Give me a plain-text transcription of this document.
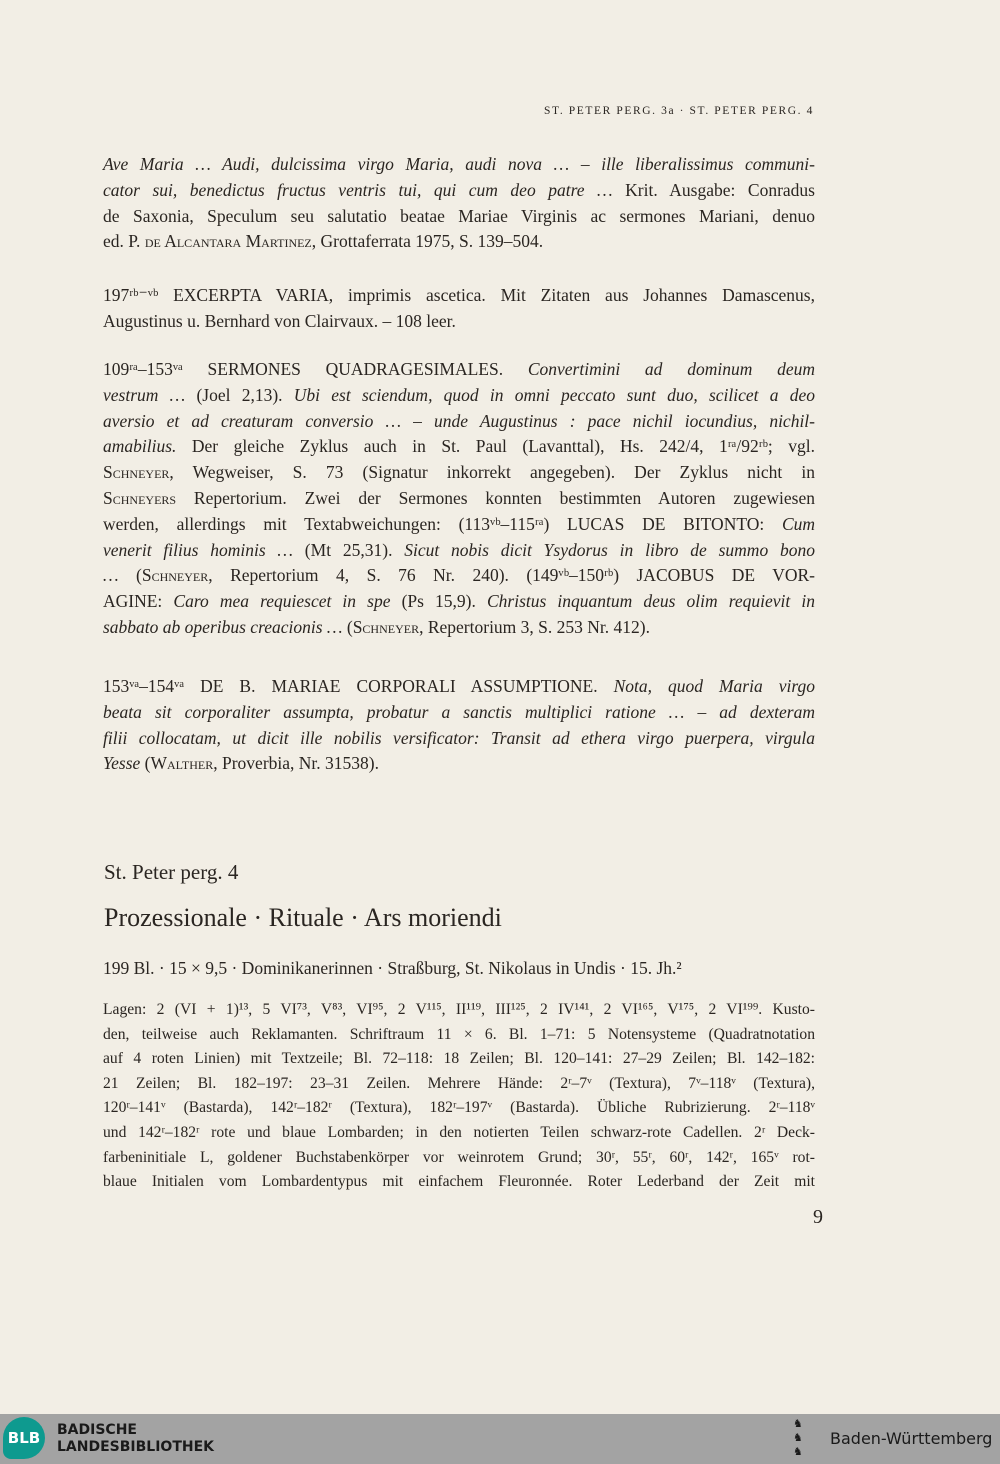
ST. PETER PERG. 3a · ST. PETER PERG. 4
Ave Maria … Audi, dulcissima virgo Maria, audi nova … – ille liberalissimus communi-
cator sui, benedictus fructus ventris tui, qui cum deo patre … Krit. Ausgabe: Conradus
de Saxonia, Speculum seu salutatio beatae Mariae Virginis ac sermones Mariani, denuo
ed. P. de Alcantara Martinez, Grottaferrata 1975, S. 139–504.
197ʳᵇ⁻ᵛᵇ EXCERPTA VARIA, imprimis ascetica. Mit Zitaten aus Johannes Damascenus,
Augustinus u. Bernhard von Clairvaux. – 108 leer.
109ʳᵃ–153ᵛᵃ SERMONES QUADRAGESIMALES. Convertimini ad dominum deum
vestrum … (Joel 2,13). Ubi est sciendum, quod in omni peccato sunt duo, scilicet a deo
aversio et ad creaturam conversio … – unde Augustinus : pace nichil iocundius, nichil-
amabilius. Der gleiche Zyklus auch in St. Paul (Lavanttal), Hs. 242/4, 1ʳᵃ/92ʳᵇ; vgl.
Schneyer, Wegweiser, S. 73 (Signatur inkorrekt angegeben). Der Zyklus nicht in
Schneyers Repertorium. Zwei der Sermones konnten bestimmten Autoren zugewiesen
werden, allerdings mit Textabweichungen: (113ᵛᵇ–115ʳᵃ) LUCAS DE BITONTO: Cum
venerit filius hominis … (Mt 25,31). Sicut nobis dicit Ysydorus in libro de summo bono
… (Schneyer, Repertorium 4, S. 76 Nr. 240). (149ᵛᵇ–150ʳᵇ) JACOBUS DE VOR-
AGINE: Caro mea requiescet in spe (Ps 15,9). Christus inquantum deus olim requievit in
sabbato ab operibus creacionis … (Schneyer, Repertorium 3, S. 253 Nr. 412).
153ᵛᵃ–154ᵛᵃ DE B. MARIAE CORPORALI ASSUMPTIONE. Nota, quod Maria virgo
beata sit corporaliter assumpta, probatur a sanctis multiplici ratione … – ad dexteram
filii collocatam, ut dicit ille nobilis versificator: Transit ad ethera virgo puerpera, virgula
Yesse (Walther, Proverbia, Nr. 31538).
199 Bl. · 15 × 9,5 · Dominikanerinnen · Straßburg, St. Nikolaus in Undis · 15. Jh.²
Lagen: 2 (VI + 1)¹³, 5 VI⁷³, V⁸³, VI⁹⁵, 2 V¹¹⁵, II¹¹⁹, III¹²⁵, 2 IV¹⁴¹, 2 VI¹⁶⁵, V¹⁷⁵, 2 VI¹⁹⁹. Kusto-
den, teilweise auch Reklamanten. Schriftraum 11 × 6. Bl. 1–71: 5 Notensysteme (Quadratnotation
auf 4 roten Linien) mit Textzeile; Bl. 72–118: 18 Zeilen; Bl. 120–141: 27–29 Zeilen; Bl. 142–182:
21 Zeilen; Bl. 182–197: 23–31 Zeilen. Mehrere Hände: 2ʳ–7ᵛ (Textura), 7ᵛ–118ᵛ (Textura),
120ʳ–141ᵛ (Bastarda), 142ʳ–182ʳ (Textura), 182ʳ–197ᵛ (Bastarda). Übliche Rubrizierung. 2ʳ–118ᵛ
und 142ʳ–182ʳ rote und blaue Lombarden; in den notierten Teilen schwarz-rote Cadellen. 2ʳ Deck-
farbeninitiale L, goldener Buchstabenkörper vor weinrotem Grund; 30ʳ, 55ʳ, 60ʳ, 142ʳ, 165ᵛ rot-
blaue Initialen vom Lombardentypus mit einfachem Fleuronnée. Roter Lederband der Zeit mit
St. Peter perg. 4
Prozessionale · Rituale · Ars moriendi
9
BLB	BADISCHE
LANDESBIBLIOTHEK
♞
♞
♞
Baden-Württemberg
